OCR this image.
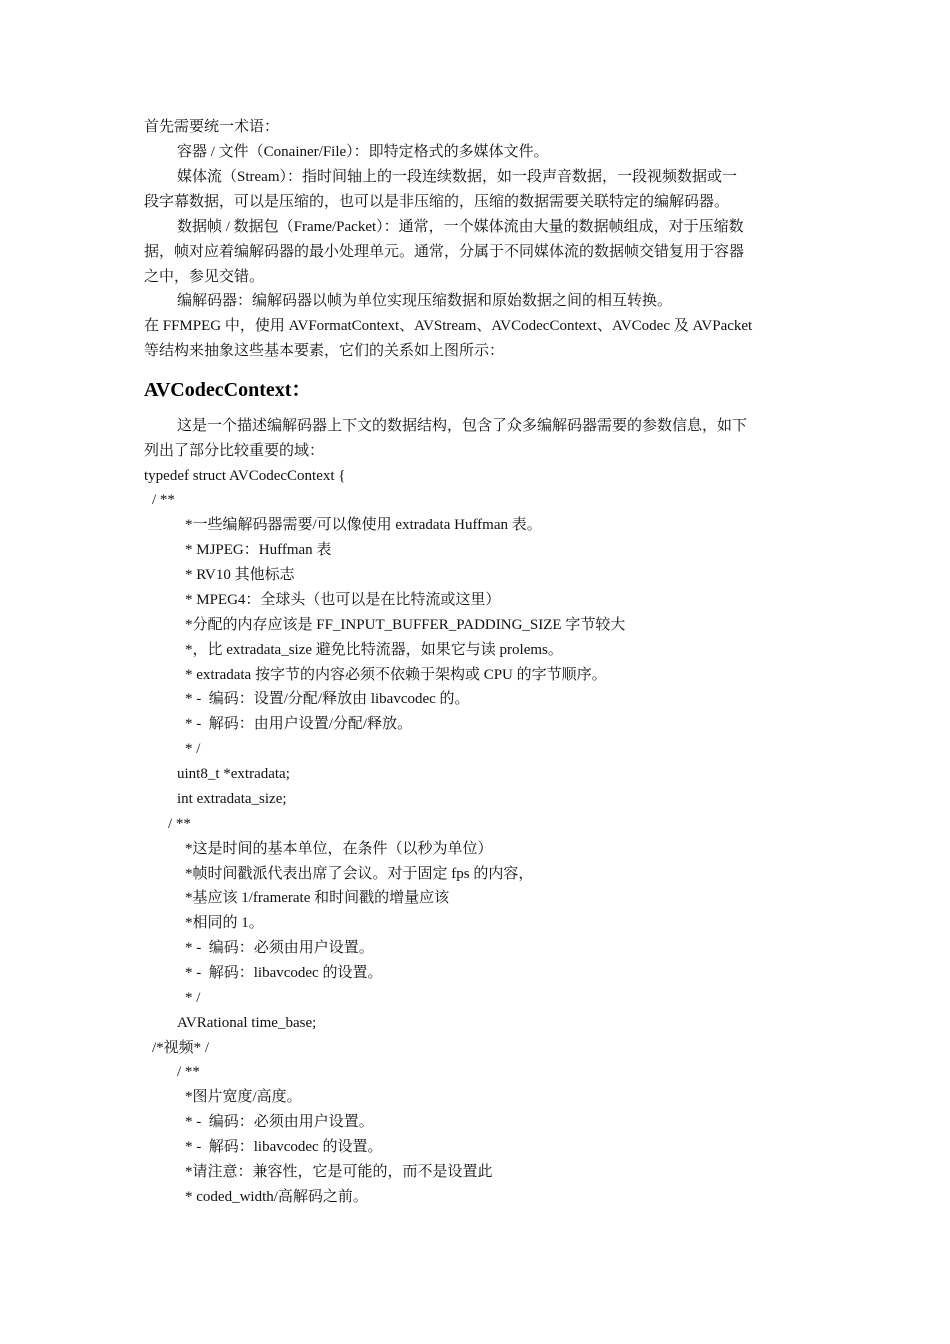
首先需要统一术语：
容器 / 文件（Conainer/File）：即特定格式的多媒体文件。
媒体流（Stream）：指时间轴上的一段连续数据，如一段声音数据，一段视频数据或一
段字幕数据，可以是压缩的，也可以是非压缩的，压缩的数据需要关联特定的编解码器。
数据帧 / 数据包（Frame/Packet）：通常，一个媒体流由大量的数据帧组成，对于压缩数
据，帧对应着编解码器的最小处理单元。通常，分属于不同媒体流的数据帧交错复用于容器
之中，参见交错。
编解码器：编解码器以帧为单位实现压缩数据和原始数据之间的相互转换。
在 FFMPEG 中，使用 AVFormatContext、AVStream、AVCodecContext、AVCodec 及 AVPacket
等结构来抽象这些基本要素，它们的关系如上图所示：
AVCodecContext：
这是一个描述编解码器上下文的数据结构，包含了众多编解码器需要的参数信息，如下
列出了部分比较重要的域：
typedef struct AVCodecContext {
/ **
*一些编解码器需要/可以像使用 extradata Huffman 表。
* MJPEG：Huffman 表
* RV10 其他标志
* MPEG4：全球头（也可以是在比特流或这里）
*分配的内存应该是 FF_INPUT_BUFFER_PADDING_SIZE 字节较大
*，比 extradata_size 避免比特流器，如果它与读 prolems。
* extradata 按字节的内容必须不依赖于架构或 CPU 的字节顺序。
* -  编码：设置/分配/释放由 libavcodec 的。
* -  解码：由用户设置/分配/释放。
* /
uint8_t *extradata;
int extradata_size;
/ **
*这是时间的基本单位，在条件（以秒为单位）
*帧时间戳派代表出席了会议。对于固定 fps 的内容，
*基应该 1/framerate 和时间戳的增量应该
*相同的 1。
* -  编码：必须由用户设置。
* -  解码：libavcodec 的设置。
* /
AVRational time_base;
/*视频* /
/ **
*图片宽度/高度。
* -  编码：必须由用户设置。
* -  解码：libavcodec 的设置。
*请注意：兼容性，它是可能的，而不是设置此
* coded_width/高解码之前。
